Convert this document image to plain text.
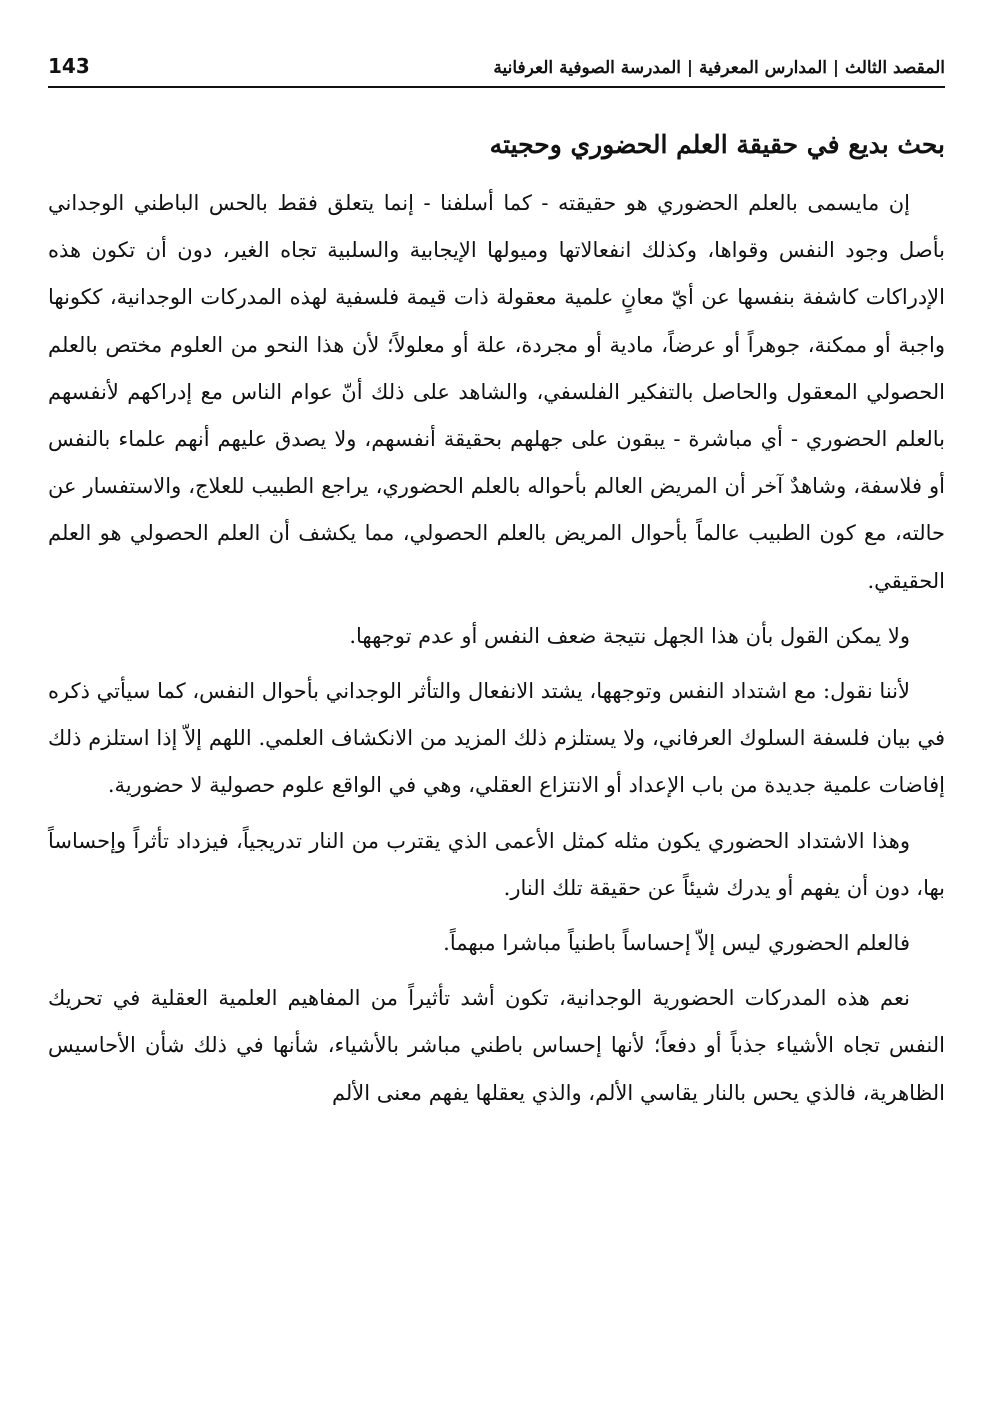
المقصد الثالث | المدارس المعرفية | المدرسة الصوفية العرفانية
143
بحث بديع في حقيقة العلم الحضوري وحجيته

إن مايسمى بالعلم الحضوري هو حقيقته - كما أسلفنا - إنما يتعلق فقط بالحس الباطني الوجداني بأصل وجود النفس وقواها، وكذلك انفعالاتها وميولها الإيجابية والسلبية تجاه الغير، دون أن تكون هذه الإدراكات كاشفة بنفسها عن أيّ معانٍ علمية معقولة ذات قيمة فلسفية لهذه المدركات الوجدانية، ككونها واجبة أو ممكنة، جوهراً أو عرضاً، مادية أو مجردة، علة أو معلولاً؛ لأن هذا النحو من العلوم مختص بالعلم الحصولي المعقول والحاصل بالتفكير الفلسفي، والشاهد على ذلك أنّ عوام الناس مع إدراكهم لأنفسهم بالعلم الحضوري - أي مباشرة - يبقون على جهلهم بحقيقة أنفسهم، ولا يصدق عليهم أنهم علماء بالنفس أو فلاسفة، وشاهدٌ آخر أن المريض العالم بأحواله بالعلم الحضوري، يراجع الطبيب للعلاج، والاستفسار عن حالته، مع كون الطبيب عالماً بأحوال المريض بالعلم الحصولي، مما يكشف أن العلم الحصولي هو العلم الحقيقي.

ولا يمكن القول بأن هذا الجهل نتيجة ضعف النفس أو عدم توجهها.

لأننا نقول: مع اشتداد النفس وتوجهها، يشتد الانفعال والتأثر الوجداني بأحوال النفس، كما سيأتي ذكره في بيان فلسفة السلوك العرفاني، ولا يستلزم ذلك المزيد من الانكشاف العلمي. اللهم إلاّ إذا استلزم ذلك إفاضات علمية جديدة من باب الإعداد أو الانتزاع العقلي، وهي في الواقع علوم حصولية لا حضورية.

وهذا الاشتداد الحضوري يكون مثله كمثل الأعمى الذي يقترب من النار تدريجياً، فيزداد تأثراً وإحساساً بها، دون أن يفهم أو يدرك شيئاً عن حقيقة تلك النار.

فالعلم الحضوري ليس إلاّ إحساساً باطنياً مباشرا مبهماً.

نعم هذه المدركات الحضورية الوجدانية، تكون أشد تأثيراً من المفاهيم العلمية العقلية في تحريك النفس تجاه الأشياء جذباً أو دفعاً؛ لأنها إحساس باطني مباشر بالأشياء، شأنها في ذلك شأن الأحاسيس الظاهرية، فالذي يحس بالنار يقاسي الألم، والذي يعقلها يفهم معنى الألم
